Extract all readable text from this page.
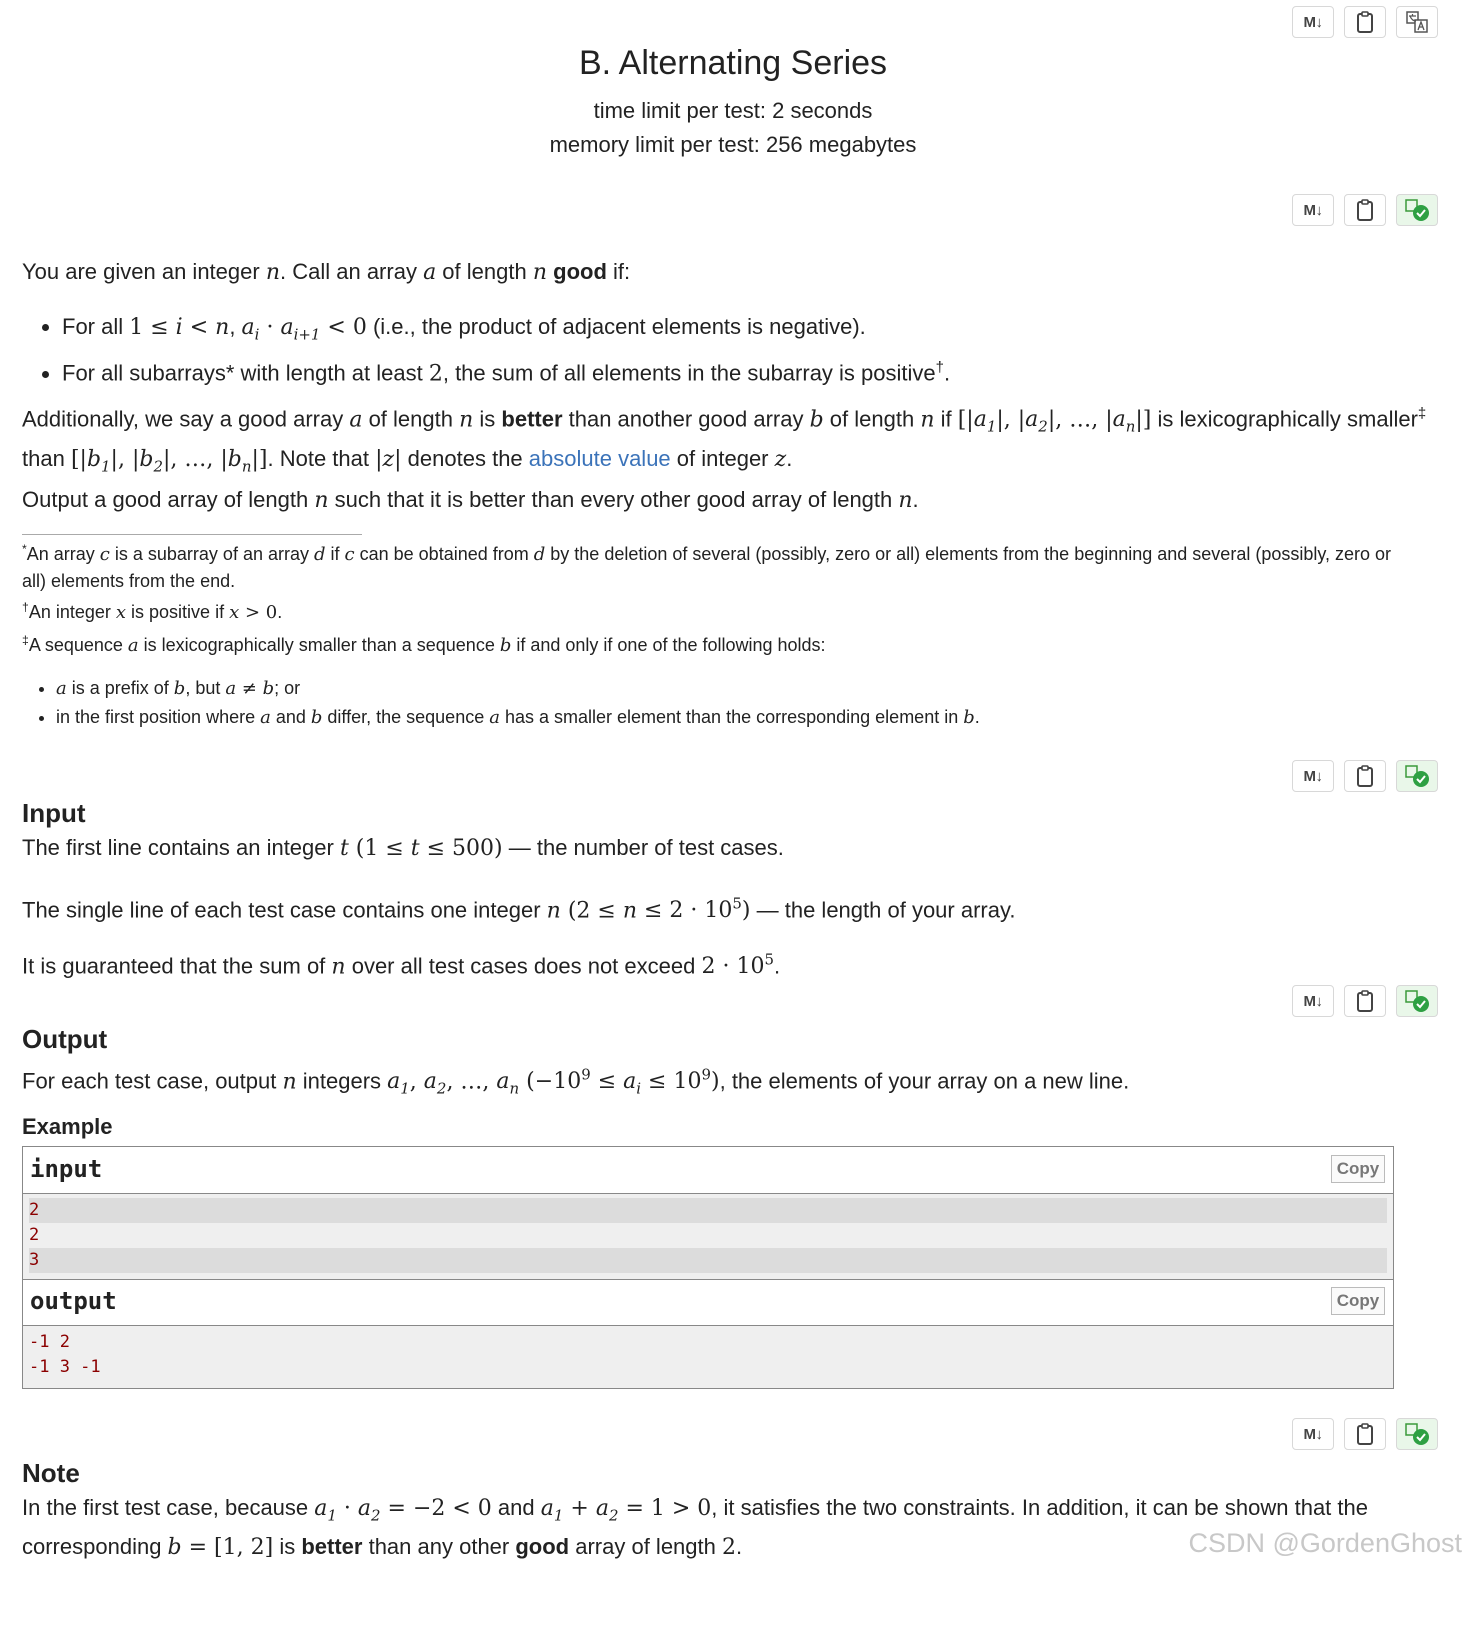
M↓
B. Alternating Series
time limit per test: 2 seconds
memory limit per test: 256 megabytes
M↓
You are given an integer n. Call an array a of length n good if:
• For all 1 ≤ i < n, $a_i \cdot a_{i+1} < 0$ (i.e., the product of adjacent elements is negative).
• For all subarrays* with length at least 2, the sum of all elements in the subarray is positive†.
Additionally, we say a good array a of length n is better than another good array b of length n if [$|a_1|$, $|a_2|$, …, $|a_n|$] is lexicographically smaller‡ than [$|b_1|$, $|b_2|$, …, $|b_n|$]. Note that |z| denotes the absolute value of integer z.
Output a good array of length n such that it is better than every other good array of length n.
*An array c is a subarray of an array d if c can be obtained from d by the deletion of several (possibly, zero or all) elements from the beginning and several (possibly, zero or all) elements from the end.
†An integer x is positive if x > 0.
‡A sequence a is lexicographically smaller than a sequence b if and only if one of the following holds:
• a is a prefix of b, but a ≠ b; or
• in the first position where a and b differ, the sequence a has a smaller element than the corresponding element in b.
M↓
Input
The first line contains an integer t (1 ≤ t ≤ 500) — the number of test cases.
The single line of each test case contains one integer n $(2 \le n \le 2 \cdot 10^5)$ — the length of your array.
It is guaranteed that the sum of n over all test cases does not exceed $2 \cdot 10^5$.
M↓
Output
For each test case, output n integers $a_1$, $a_2$, …, $a_n$ $(-10^9 \le a_i \le 10^9)$, the elements of your array on a new line.
Example
input	Copy
2
2
3
output	Copy
-1 2
-1 3 -1
M↓
Note
In the first test case, because $a_1 \cdot a_2 = -2 < 0$ and $a_1 + a_2 = 1 > 0$, it satisfies the two constraints. In addition, it can be shown that the corresponding b = [1, 2] is better than any other good array of length 2.	CSDN @GordenGhost
